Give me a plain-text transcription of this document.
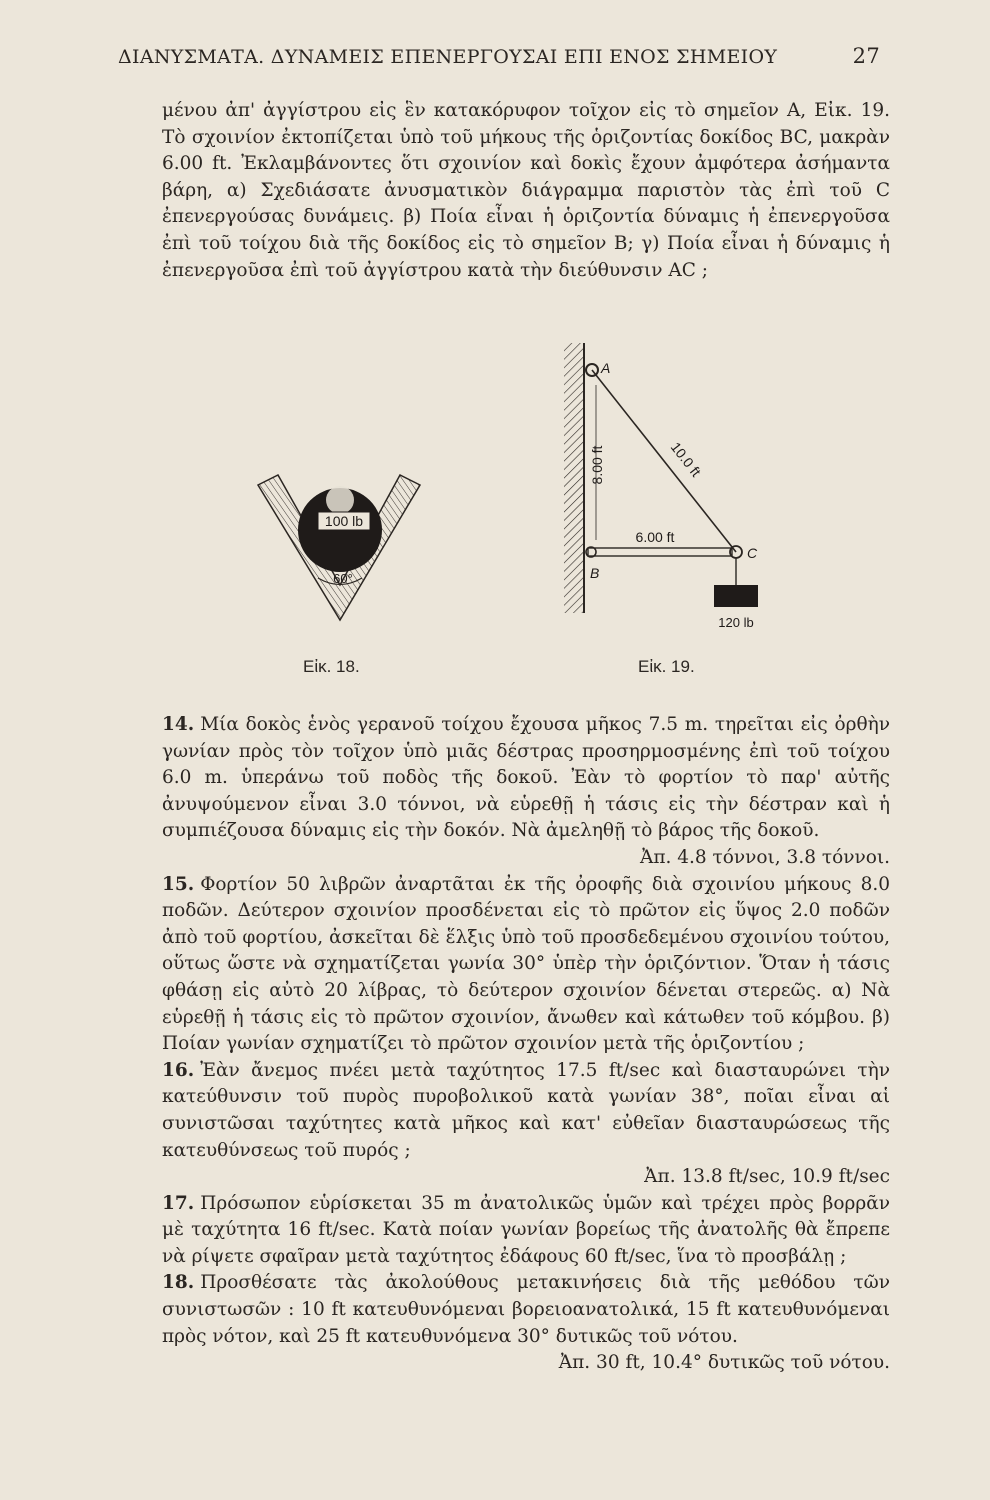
ΔΙΑΝΥΣΜΑΤΑ. ΔΥΝΑΜΕΙΣ ΕΠΕΝΕΡΓΟΥΣΑΙ ΕΠΙ ΕΝΟΣ ΣΗΜΕΙΟΥ	27

μένου ἀπ' ἀγγίστρου εἰς ἓν κατακόρυφον τοῖχον εἰς τὸ σημεῖον A, Εἰκ. 19. Τὸ σχοινίον ἐκτοπίζεται ὑπὸ τοῦ μήκους τῆς ὁριζοντίας δοκίδος BC, μακρὰν 6.00 ft. Ἐκλαμβάνοντες ὅτι σχοινίον καὶ δοκὶς ἔχουν ἀμφότερα ἀσήμαντα βάρη, α) Σχεδιάσατε ἀνυσματικὸν διάγραμμα παριστὸν τὰς ἐπὶ τοῦ C ἐπενεργούσας δυνάμεις. β) Ποία εἶναι ἡ ὁριζοντία δύναμις ἡ ἐπενεργοῦσα ἐπὶ τοῦ τοίχου διὰ τῆς δοκίδος εἰς τὸ σημεῖον B; γ) Ποία εἶναι ἡ δύναμις ἡ ἐπενεργοῦσα ἐπὶ τοῦ ἀγγίστρου κατὰ τὴν διεύθυνσιν AC ;

100 lb
60°
A
10.0 ft
8.00 ft
B
C
6.00 ft
120 lb
Εἰκ. 18.	Εἰκ. 19.
14. Μία δοκὸς ἑνὸς γερανοῦ τοίχου ἔχουσα μῆκος 7.5 m. τηρεῖται εἰς ὀρθὴν γωνίαν πρὸς τὸν τοῖχον ὑπὸ μιᾶς δέστρας προσηρμοσμένης ἐπὶ τοῦ τοίχου 6.0 m. ὑπεράνω τοῦ ποδὸς τῆς δοκοῦ. Ἐὰν τὸ φορτίον τὸ παρ' αὐτῆς ἀνυψούμενον εἶναι 3.0 τόννοι, νὰ εὑρεθῇ ἡ τάσις εἰς τὴν δέστραν καὶ ἡ συμπιέζουσα δύναμις εἰς τὴν δοκόν. Νὰ ἀμεληθῇ τὸ βάρος τῆς δοκοῦ.
Ἀπ. 4.8 τόννοι, 3.8 τόννοι.
15. Φορτίον 50 λιβρῶν ἀναρτᾶται ἐκ τῆς ὀροφῆς διὰ σχοινίου μήκους 8.0 ποδῶν. Δεύτερον σχοινίον προσδένεται εἰς τὸ πρῶτον εἰς ὕψος 2.0 ποδῶν ἀπὸ τοῦ φορτίου, ἀσκεῖται δὲ ἕλξις ὑπὸ τοῦ προσδεδεμένου σχοινίου τούτου, οὕτως ὥστε νὰ σχηματίζεται γωνία 30° ὑπὲρ τὴν ὁριζόντιον. Ὅταν ἡ τάσις φθάσῃ εἰς αὐτὸ 20 λίβρας, τὸ δεύτερον σχοινίον δένεται στερεῶς. α) Νὰ εὑρεθῇ ἡ τάσις εἰς τὸ πρῶτον σχοινίον, ἄνωθεν καὶ κάτωθεν τοῦ κόμβου. β) Ποίαν γωνίαν σχηματίζει τὸ πρῶτον σχοινίον μετὰ τῆς ὁριζοντίου ;
16. Ἐὰν ἄνεμος πνέει μετὰ ταχύτητος 17.5 ft/sec καὶ διασταυρώνει τὴν κατεύθυνσιν τοῦ πυρὸς πυροβολικοῦ κατὰ γωνίαν 38°, ποῖαι εἶναι αἱ συνιστῶσαι ταχύτητες κατὰ μῆκος καὶ κατ' εὐθεῖαν διασταυρώσεως τῆς κατευθύνσεως τοῦ πυρός ;
Ἀπ. 13.8 ft/sec, 10.9 ft/sec
17. Πρόσωπον εὑρίσκεται 35 m ἀνατολικῶς ὑμῶν καὶ τρέχει πρὸς βορρᾶν μὲ ταχύτητα 16 ft/sec. Κατὰ ποίαν γωνίαν βορείως τῆς ἀνατολῆς θὰ ἔπρεπε νὰ ρίψετε σφαῖραν μετὰ ταχύτητος ἐδάφους 60 ft/sec, ἵνα τὸ προσβάλῃ ;
18. Προσθέσατε τὰς ἀκολούθους μετακινήσεις διὰ τῆς μεθόδου τῶν συνιστωσῶν : 10 ft κατευθυνόμεναι βορειοανατολικά, 15 ft κατευθυνόμεναι πρὸς νότον, καὶ 25 ft κατευθυνόμενα 30° δυτικῶς τοῦ νότου.
Ἀπ. 30 ft, 10.4° δυτικῶς τοῦ νότου.
